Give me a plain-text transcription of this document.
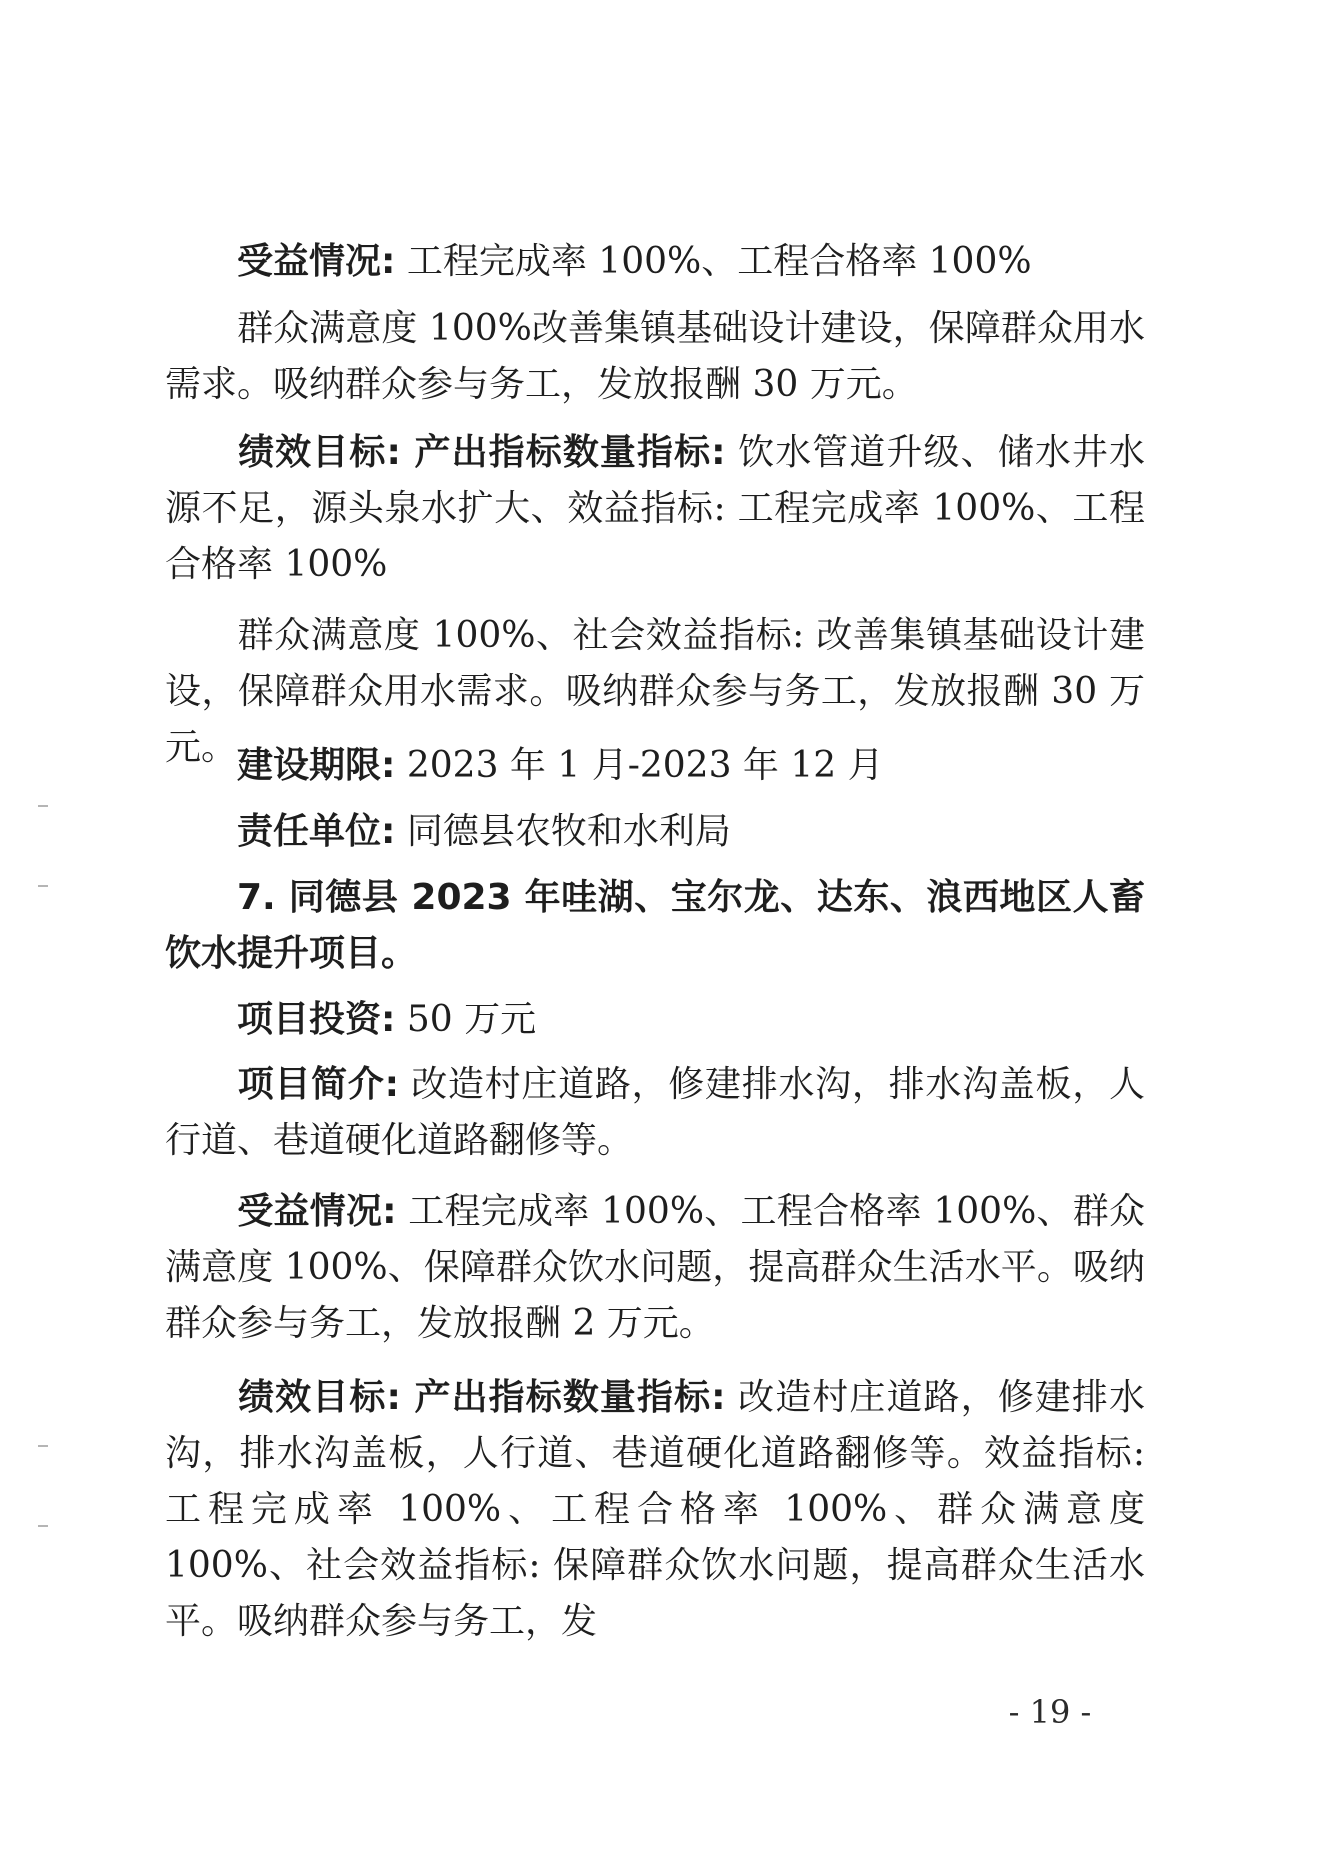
受益情况: 工程完成率 100%、工程合格率 100%

群众满意度 100%改善集镇基础设计建设，保障群众用水需求。吸纳群众参与务工，发放报酬 30 万元。

绩效目标: 产出指标数量指标: 饮水管道升级、储水井水源不足，源头泉水扩大、效益指标: 工程完成率 100%、工程合格率 100%

群众满意度 100%、社会效益指标: 改善集镇基础设计建设，保障群众用水需求。吸纳群众参与务工，发放报酬 30 万元。 建设期限: 2023 年 1 月-2023 年 12 月

责任单位: 同德县农牧和水利局

7. 同德县 2023 年哇湖、宝尔龙、达东、浪西地区人畜饮水提升项目。

项目投资: 50 万元

项目简介: 改造村庄道路，修建排水沟，排水沟盖板，人行道、巷道硬化道路翻修等。

受益情况: 工程完成率 100%、工程合格率 100%、群众满意度 100%、保障群众饮水问题，提高群众生活水平。吸纳群众参与务工，发放报酬 2 万元。

绩效目标: 产出指标数量指标: 改造村庄道路，修建排水沟，排水沟盖板，人行道、巷道硬化道路翻修等。效益指标: 工程完成率 100%、工程合格率 100%、群众满意度 100%、社会效益指标: 保障群众饮水问题，提高群众生活水平。吸纳群众参与务工，发

- 19 -
